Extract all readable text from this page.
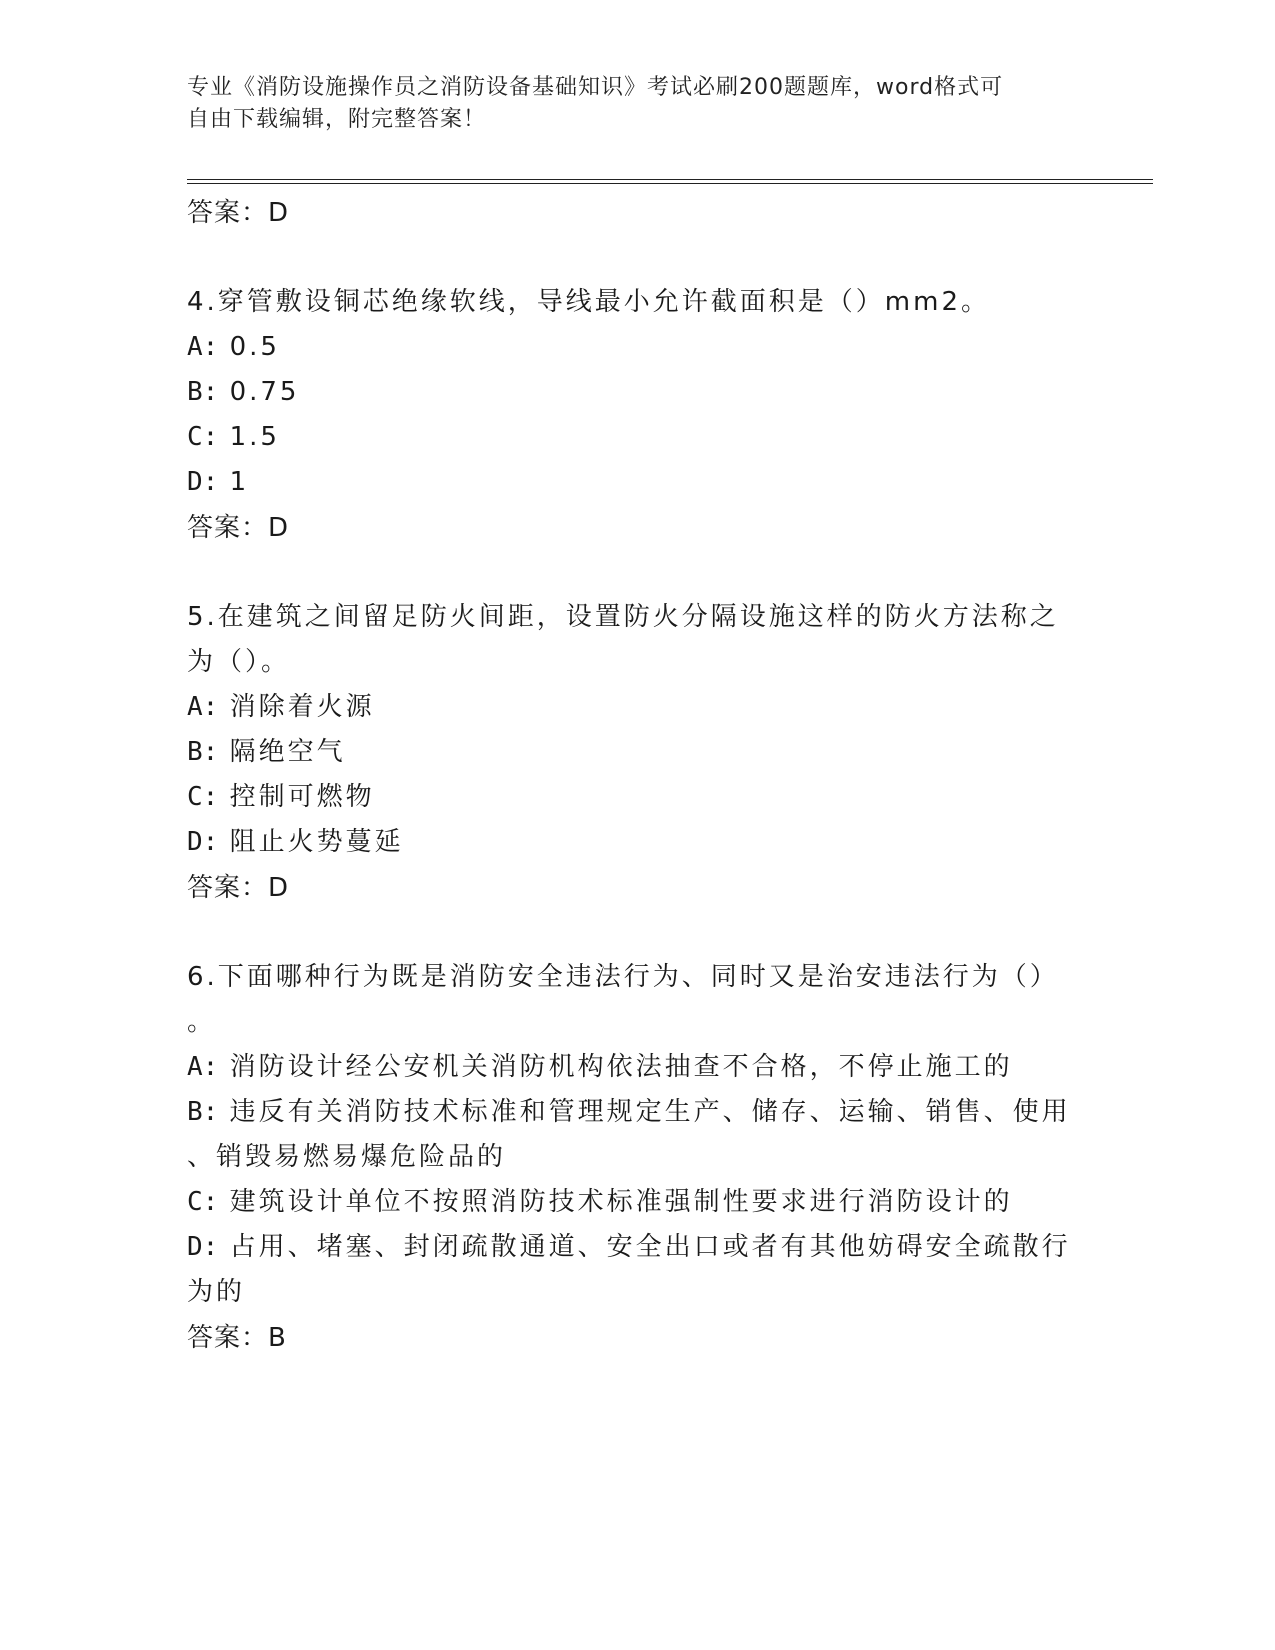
专业《消防设施操作员之消防设备基础知识》考试必刷200题题库，word格式可
自由下载编辑，附完整答案！
答案：D
4.穿管敷设铜芯绝缘软线，导线最小允许截面积是（）mm2。
A: 0.5
B: 0.75
C: 1.5
D: 1
答案：D
5.在建筑之间留足防火间距，设置防火分隔设施这样的防火方法称之
为（）。
A: 消除着火源
B: 隔绝空气
C: 控制可燃物
D: 阻止火势蔓延
答案：D
6.下面哪种行为既是消防安全违法行为、同时又是治安违法行为（）
。
A: 消防设计经公安机关消防机构依法抽查不合格，不停止施工的
B: 违反有关消防技术标准和管理规定生产、储存、运输、销售、使用
、销毁易燃易爆危险品的
C: 建筑设计单位不按照消防技术标准强制性要求进行消防设计的
D: 占用、堵塞、封闭疏散通道、安全出口或者有其他妨碍安全疏散行
为的
答案：B
